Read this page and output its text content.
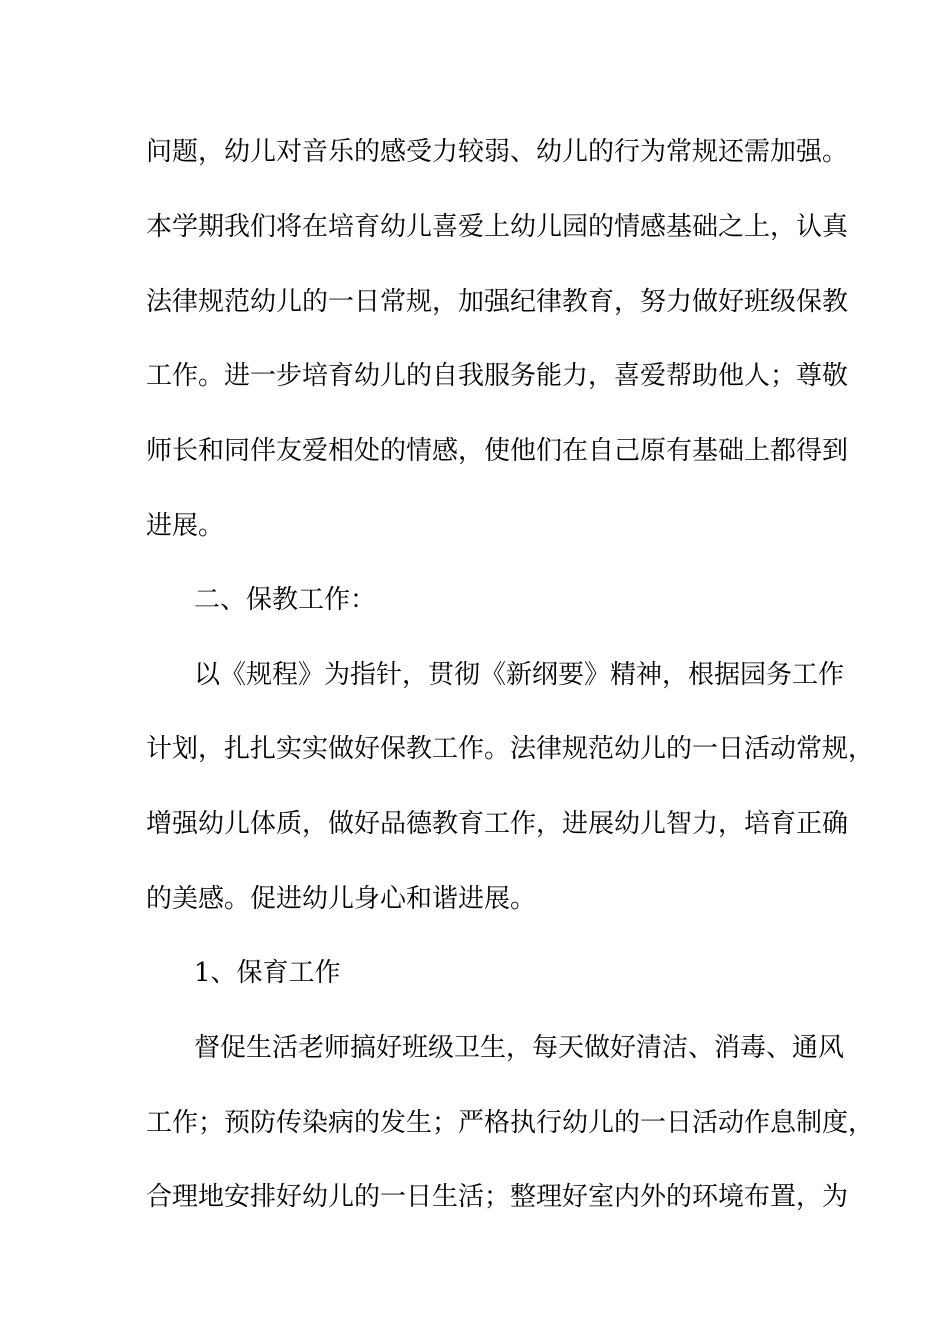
问题，幼儿对音乐的感受力较弱、幼儿的行为常规还需加强。

本学期我们将在培育幼儿喜爱上幼儿园的情感基础之上，认真

法律规范幼儿的一日常规，加强纪律教育，努力做好班级保教

工作。进一步培育幼儿的自我服务能力，喜爱帮助他人；尊敬

师长和同伴友爱相处的情感，使他们在自己原有基础上都得到

进展。

二、保教工作：

以《规程》为指针，贯彻《新纲要》精神，根据园务工作

计划，扎扎实实做好保教工作。法律规范幼儿的一日活动常规，

增强幼儿体质，做好品德教育工作，进展幼儿智力，培育正确

的美感。促进幼儿身心和谐进展。

1、保育工作

督促生活老师搞好班级卫生，每天做好清洁、消毒、通风

工作；预防传染病的发生；严格执行幼儿的一日活动作息制度，

合理地安排好幼儿的一日生活；整理好室内外的环境布置，为
